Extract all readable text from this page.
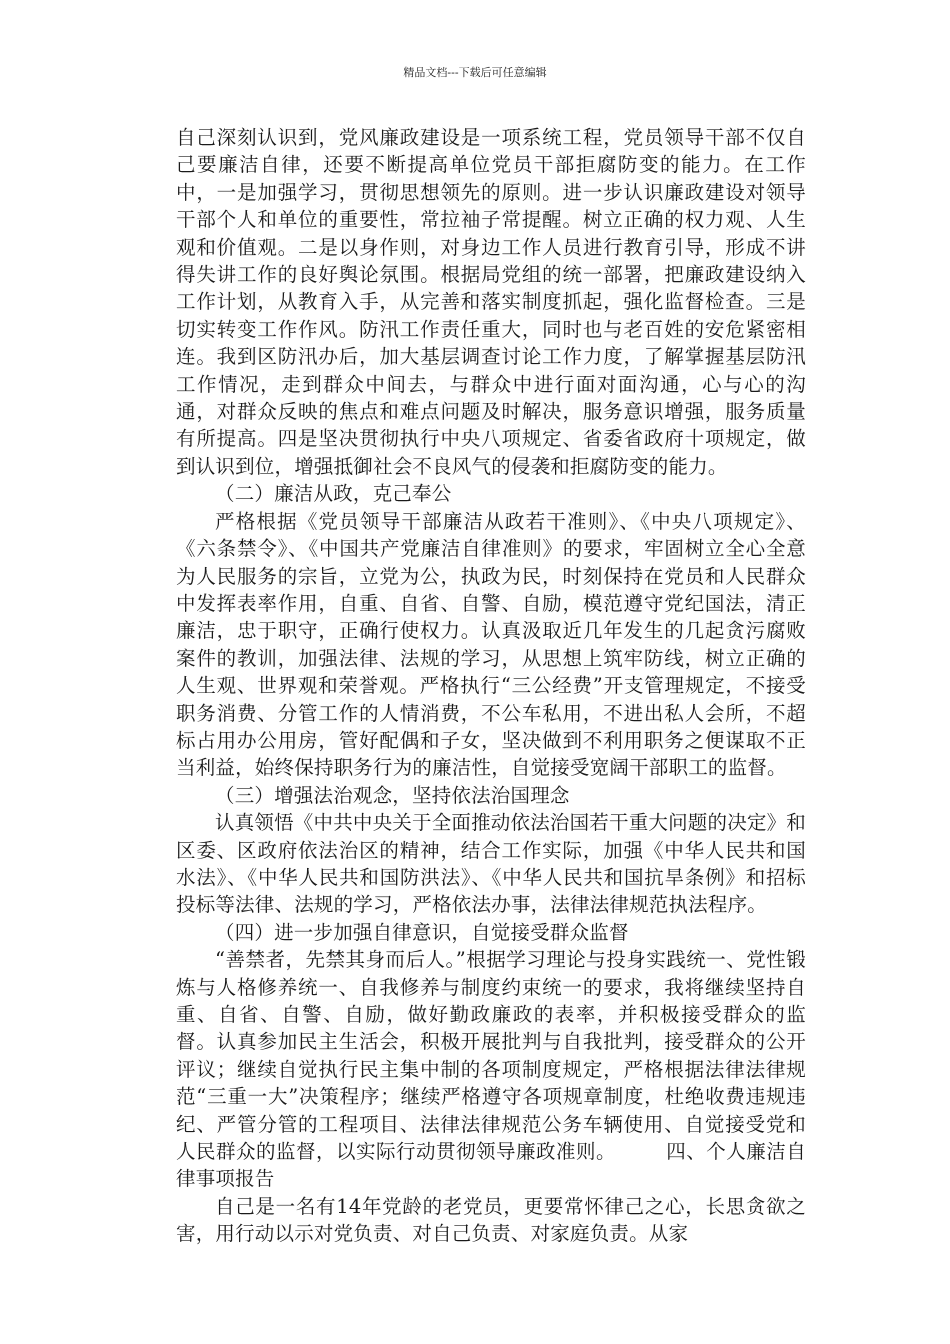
精品文档---下载后可任意编辑

自己深刻认识到，党风廉政建设是一项系统工程，党员领导干部不仅自己要廉洁自律，还要不断提高单位党员干部拒腐防变的能力。在工作中，一是加强学习，贯彻思想领先的原则。进一步认识廉政建设对领导干部个人和单位的重要性，常拉袖子常提醒。树立正确的权力观、人生观和价值观。二是以身作则，对身边工作人员进行教育引导，形成不讲得失讲工作的良好舆论氛围。根据局党组的统一部署，把廉政建设纳入工作计划，从教育入手，从完善和落实制度抓起，强化监督检查。三是切实转变工作作风。防汛工作责任重大，同时也与老百姓的安危紧密相连。我到区防汛办后，加大基层调查讨论工作力度，了解掌握基层防汛工作情况，走到群众中间去，与群众中进行面对面沟通，心与心的沟通，对群众反映的焦点和难点问题及时解决，服务意识增强，服务质量有所提高。四是坚决贯彻执行中央八项规定、省委省政府十项规定，做到认识到位，增强抵御社会不良风气的侵袭和拒腐防变的能力。

（二）廉洁从政，克己奉公

严格根据《党员领导干部廉洁从政若干准则》、《中央八项规定》、《六条禁令》、《中国共产党廉洁自律准则》的要求，牢固树立全心全意为人民服务的宗旨，立党为公，执政为民，时刻保持在党员和人民群众中发挥表率作用，自重、自省、自警、自励，模范遵守党纪国法，清正廉洁，忠于职守，正确行使权力。认真汲取近几年发生的几起贪污腐败案件的教训，加强法律、法规的学习，从思想上筑牢防线，树立正确的人生观、世界观和荣誉观。严格执行“三公经费”开支管理规定，不接受职务消费、分管工作的人情消费，不公车私用，不进出私人会所，不超标占用办公用房，管好配偶和子女，坚决做到不利用职务之便谋取不正当利益，始终保持职务行为的廉洁性，自觉接受宽阔干部职工的监督。

（三）增强法治观念，坚持依法治国理念

认真领悟《中共中央关于全面推动依法治国若干重大问题的决定》和区委、区政府依法治区的精神，结合工作实际，加强《中华人民共和国水法》、《中华人民共和国防洪法》、《中华人民共和国抗旱条例》和招标投标等法律、法规的学习，严格依法办事，法律法律规范执法程序。

（四）进一步加强自律意识，自觉接受群众监督

“善禁者，先禁其身而后人。”根据学习理论与投身实践统一、党性锻炼与人格修养统一、自我修养与制度约束统一的要求，我将继续坚持自重、自省、自警、自励，做好勤政廉政的表率，并积极接受群众的监督。认真参加民主生活会，积极开展批判与自我批判，接受群众的公开评议；继续自觉执行民主集中制的各项制度规定，严格根据法律法律规范“三重一大”决策程序；继续严格遵守各项规章制度，杜绝收费违规违纪、严管分管的工程项目、法律法律规范公务车辆使用、自觉接受党和人民群众的监督，以实际行动贯彻领导廉政准则。　　　四、个人廉洁自律事项报告

自己是一名有14年党龄的老党员，更要常怀律己之心，长思贪欲之害，用行动以示对党负责、对自己负责、对家庭负责。从家
